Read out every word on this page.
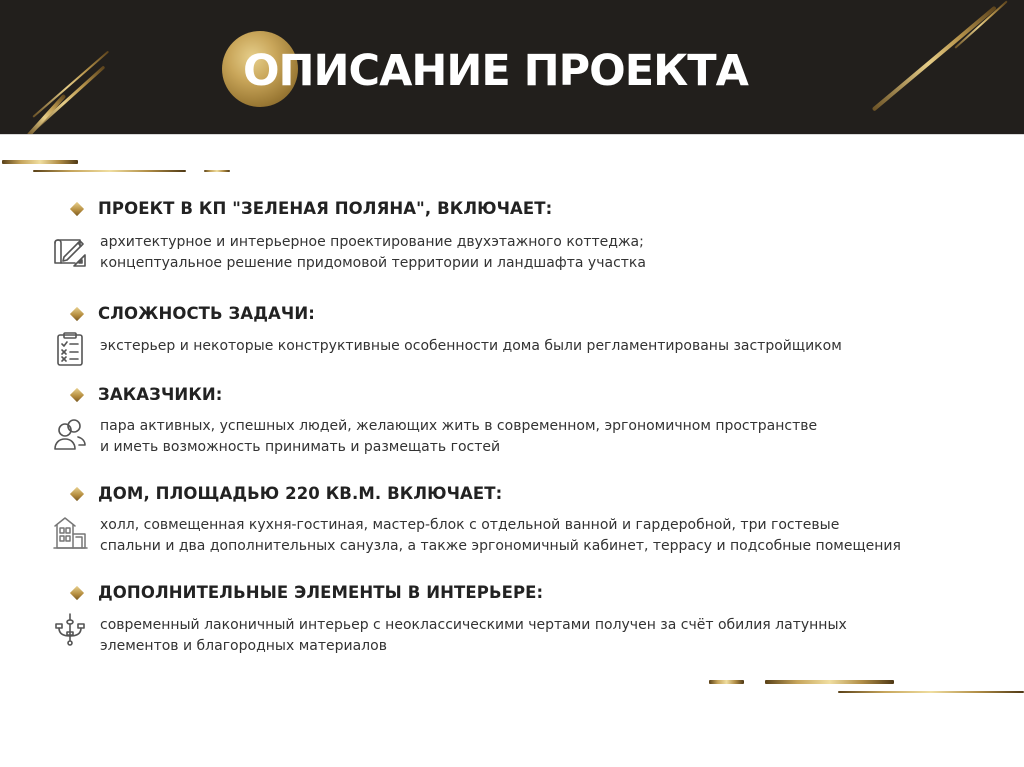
ОПИСАНИЕ ПРОЕКТА
ПРОЕКТ В КП "ЗЕЛЕНАЯ ПОЛЯНА", ВКЛЮЧАЕТ:
архитектурное и интерьерное проектирование двухэтажного коттеджа;
концептуальное решение придомовой территории и ландшафта участка
СЛОЖНОСТЬ ЗАДАЧИ:
экстерьер и некоторые конструктивные особенности дома были регламентированы застройщиком
ЗАКАЗЧИКИ:
пара активных, успешных людей, желающих жить в современном, эргономичном пространстве
и иметь возможность принимать и размещать гостей
ДОМ, ПЛОЩАДЬЮ 220 КВ.М. ВКЛЮЧАЕТ:
холл, совмещенная кухня-гостиная, мастер-блок с отдельной ванной и гардеробной, три гостевые
спальни и два дополнительных санузла, а также эргономичный кабинет, террасу и подсобные помещения
ДОПОЛНИТЕЛЬНЫЕ ЭЛЕМЕНТЫ В ИНТЕРЬЕРЕ:
современный лаконичный интерьер с неоклассическими чертами получен за счёт обилия латунных
элементов и благородных материалов
